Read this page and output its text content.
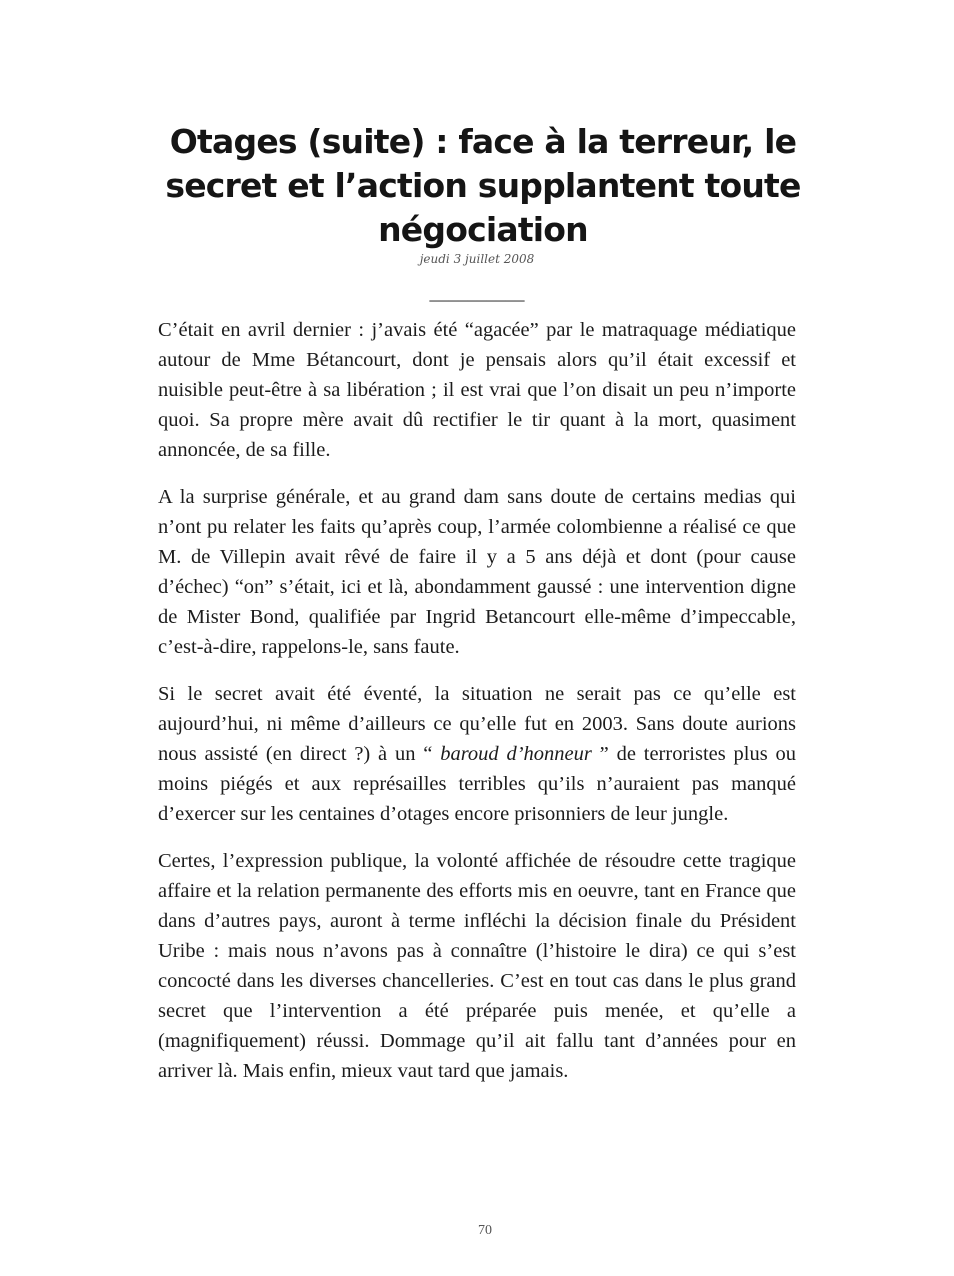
Otages (suite) : face à la terreur, le secret et l’action supplantent toute négociation
jeudi 3 juillet 2008
__________

C’était en avril dernier : j’avais été “agacée” par le matraquage médiatique autour de Mme Bétancourt, dont je pensais alors qu’il était excessif et nuisible peut-être à sa libération ; il est vrai que l’on disait un peu n’importe quoi. Sa propre mère avait dû rectifier le tir quant à la mort, quasiment annoncée, de sa fille.

A la surprise générale, et au grand dam sans doute de certains medias qui n’ont pu relater les faits qu’après coup, l’armée colombienne a réalisé ce que M. de Villepin avait rêvé de faire il y a 5 ans déjà et dont (pour cause d’échec) “on” s’était, ici et là, abondamment gaussé : une intervention digne de Mister Bond, qualifiée par Ingrid Betancourt elle-même d’impeccable, c’est-à-dire, rappelons-le, sans faute.

Si le secret avait été éventé, la situation ne serait pas ce qu’elle est aujourd’hui, ni même d’ailleurs ce qu’elle fut en 2003. Sans doute aurions nous assisté (en direct ?) à un “ baroud d’honneur ” de terroristes plus ou moins piégés et aux représailles terribles qu’ils n’auraient pas manqué d’exercer sur les centaines d’otages encore prisonniers de leur jungle.

Certes, l’expression publique, la volonté affichée de résoudre cette tragique affaire et la relation permanente des efforts mis en oeuvre, tant en France que dans d’autres pays, auront à terme infléchi la décision finale du Président Uribe : mais nous n’avons pas à connaître (l’histoire le dira) ce qui s’est concocté dans les diverses chancelleries. C’est en tout cas dans le plus grand secret que l’intervention a été préparée puis menée, et qu’elle a (magnifiquement) réussi. Dommage qu’il ait fallu tant d’années pour en arriver là. Mais enfin, mieux vaut tard que jamais.

70
